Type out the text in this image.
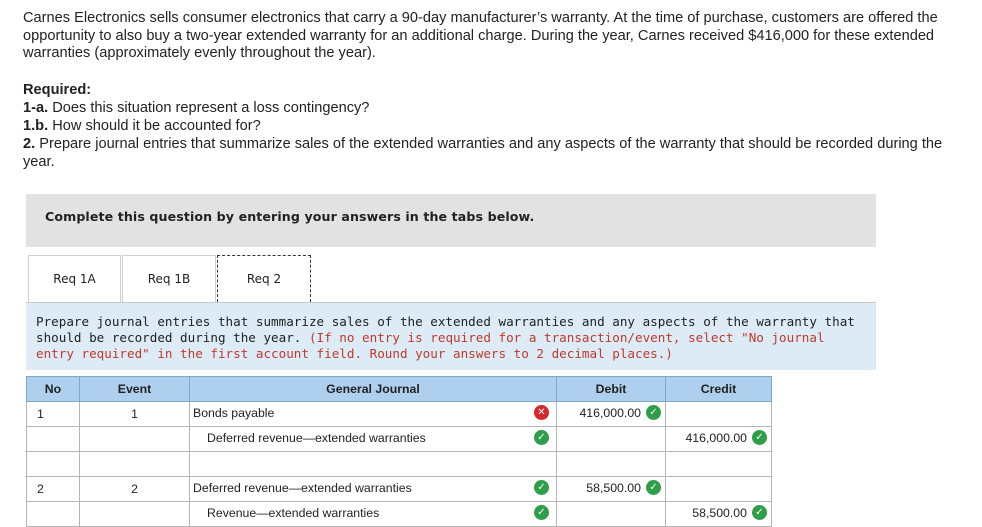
Carnes Electronics sells consumer electronics that carry a 90-day manufacturer’s warranty. At the time of purchase, customers are offered the opportunity to also buy a two-year extended warranty for an additional charge. During the year, Carnes received $416,000 for these extended warranties (approximately evenly throughout the year).
Required:
1-a. Does this situation represent a loss contingency?
1.b. How should it be accounted for?
2. Prepare journal entries that summarize sales of the extended warranties and any aspects of the warranty that should be recorded during the year.
Complete this question by entering your answers in the tabs below.
Req 1A	Req 1B	Req 2

Prepare journal entries that summarize sales of the extended warranties and any aspects of the warranty that should be recorded during the year. (If no entry is required for a transaction/event, select "No journal entry required" in the first account field. Round your answers to 2 decimal places.)

No	Event	General Journal	Debit	Credit
1	1	Bonds payable ✕	416,000.00 ✓	

		Deferred revenue—extended warranties ✓		416,000.00 ✓

2	2	Deferred revenue—extended warranties ✓	58,500.00 ✓	

		Revenue—extended warranties ✓		58,500.00 ✓
